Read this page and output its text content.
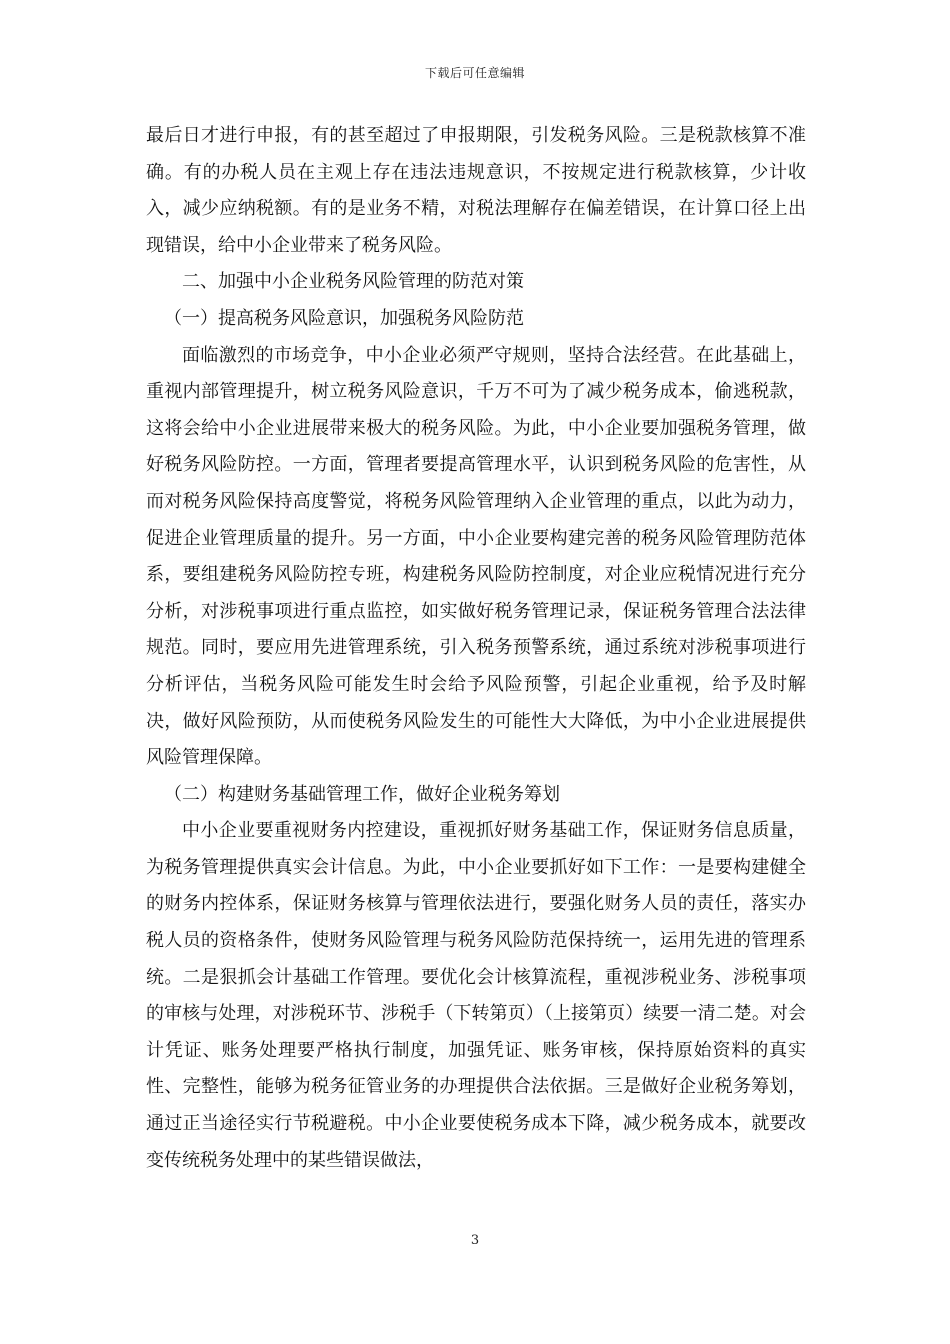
下载后可任意编辑

最后日才进行申报，有的甚至超过了申报期限，引发税务风险。三是税款核算不准确。有的办税人员在主观上存在违法违规意识，不按规定进行税款核算，少计收入，减少应纳税额。有的是业务不精，对税法理解存在偏差错误，在计算口径上出现错误，给中小企业带来了税务风险。

二、加强中小企业税务风险管理的防范对策

（一）提高税务风险意识，加强税务风险防范

面临激烈的市场竞争，中小企业必须严守规则，坚持合法经营。在此基础上，重视内部管理提升，树立税务风险意识，千万不可为了减少税务成本，偷逃税款，这将会给中小企业进展带来极大的税务风险。为此，中小企业要加强税务管理，做好税务风险防控。一方面，管理者要提高管理水平，认识到税务风险的危害性，从而对税务风险保持高度警觉，将税务风险管理纳入企业管理的重点，以此为动力，促进企业管理质量的提升。另一方面，中小企业要构建完善的税务风险管理防范体系，要组建税务风险防控专班，构建税务风险防控制度，对企业应税情况进行充分分析，对涉税事项进行重点监控，如实做好税务管理记录，保证税务管理合法法律规范。同时，要应用先进管理系统，引入税务预警系统，通过系统对涉税事项进行分析评估，当税务风险可能发生时会给予风险预警，引起企业重视，给予及时解决，做好风险预防，从而使税务风险发生的可能性大大降低，为中小企业进展提供风险管理保障。

（二）构建财务基础管理工作，做好企业税务筹划

中小企业要重视财务内控建设，重视抓好财务基础工作，保证财务信息质量，为税务管理提供真实会计信息。为此，中小企业要抓好如下工作：一是要构建健全的财务内控体系，保证财务核算与管理依法进行，要强化财务人员的责任，落实办税人员的资格条件，使财务风险管理与税务风险防范保持统一，运用先进的管理系统。二是狠抓会计基础工作管理。要优化会计核算流程，重视涉税业务、涉税事项的审核与处理，对涉税环节、涉税手（下转第页）（上接第页）续要一清二楚。对会计凭证、账务处理要严格执行制度，加强凭证、账务审核，保持原始资料的真实性、完整性，能够为税务征管业务的办理提供合法依据。三是做好企业税务筹划，通过正当途径实行节税避税。中小企业要使税务成本下降，减少税务成本，就要改变传统税务处理中的某些错误做法，

3
